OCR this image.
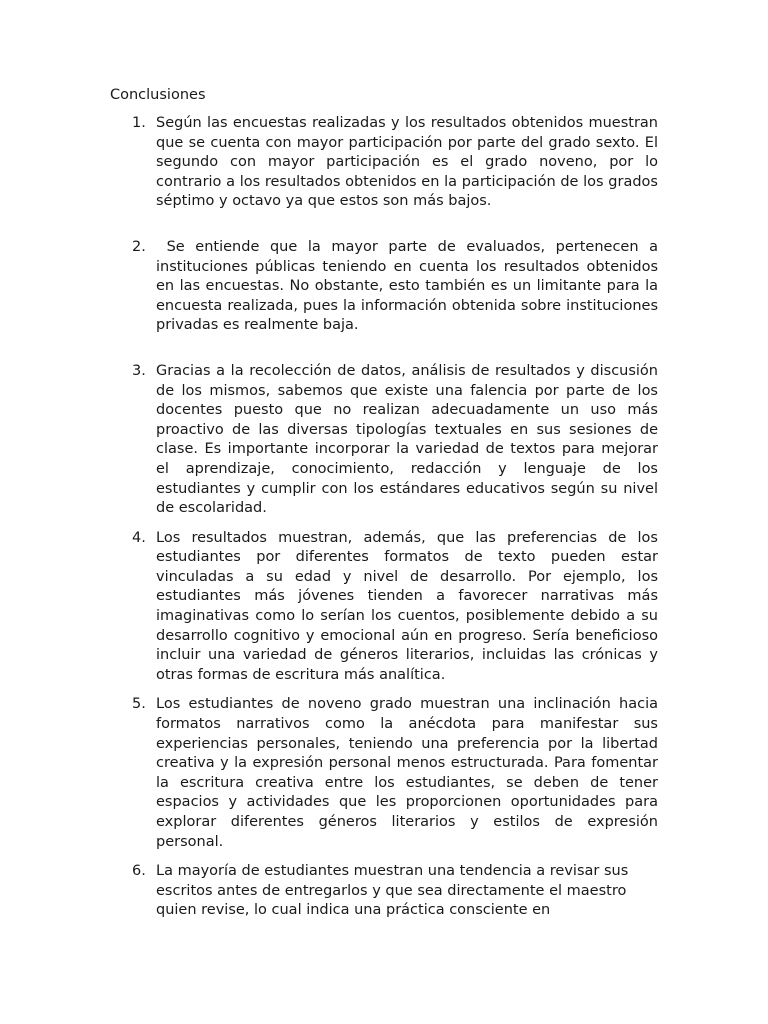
Conclusiones
1. Según las encuestas realizadas y los resultados obtenidos muestran que se cuenta con mayor participación por parte del grado sexto. El segundo con mayor participación es el grado noveno, por lo contrario a los resultados obtenidos en la participación de los grados séptimo y octavo ya que estos son más bajos.
2. Se entiende que la mayor parte de evaluados, pertenecen a instituciones públicas teniendo en cuenta los resultados obtenidos en las encuestas. No obstante, esto también es un limitante para la encuesta realizada, pues la información obtenida sobre instituciones privadas es realmente baja.
3. Gracias a la recolección de datos, análisis de resultados y discusión de los mismos, sabemos que existe una falencia por parte de los docentes puesto que no realizan adecuadamente un uso más proactivo de las diversas tipologías textuales en sus sesiones de clase. Es importante incorporar la variedad de textos para mejorar el aprendizaje, conocimiento, redacción y lenguaje de los estudiantes y cumplir con los estándares educativos según su nivel de escolaridad.
4. Los resultados muestran, además, que las preferencias de los estudiantes por diferentes formatos de texto pueden estar vinculadas a su edad y nivel de desarrollo. Por ejemplo, los estudiantes más jóvenes tienden a favorecer narrativas más imaginativas como lo serían los cuentos, posiblemente debido a su desarrollo cognitivo y emocional aún en progreso. Sería beneficioso incluir una variedad de géneros literarios, incluidas las crónicas y otras formas de escritura más analítica.
5. Los estudiantes de noveno grado muestran una inclinación hacia formatos narrativos como la anécdota para manifestar sus experiencias personales, teniendo una preferencia por la libertad creativa y la expresión personal menos estructurada. Para fomentar la escritura creativa entre los estudiantes, se deben de tener espacios y actividades que les proporcionen oportunidades para explorar diferentes géneros literarios y estilos de expresión personal.
6. La mayoría de estudiantes muestran una tendencia a revisar sus escritos antes de entregarlos y que sea directamente el maestro quien revise, lo cual indica una práctica consciente en
